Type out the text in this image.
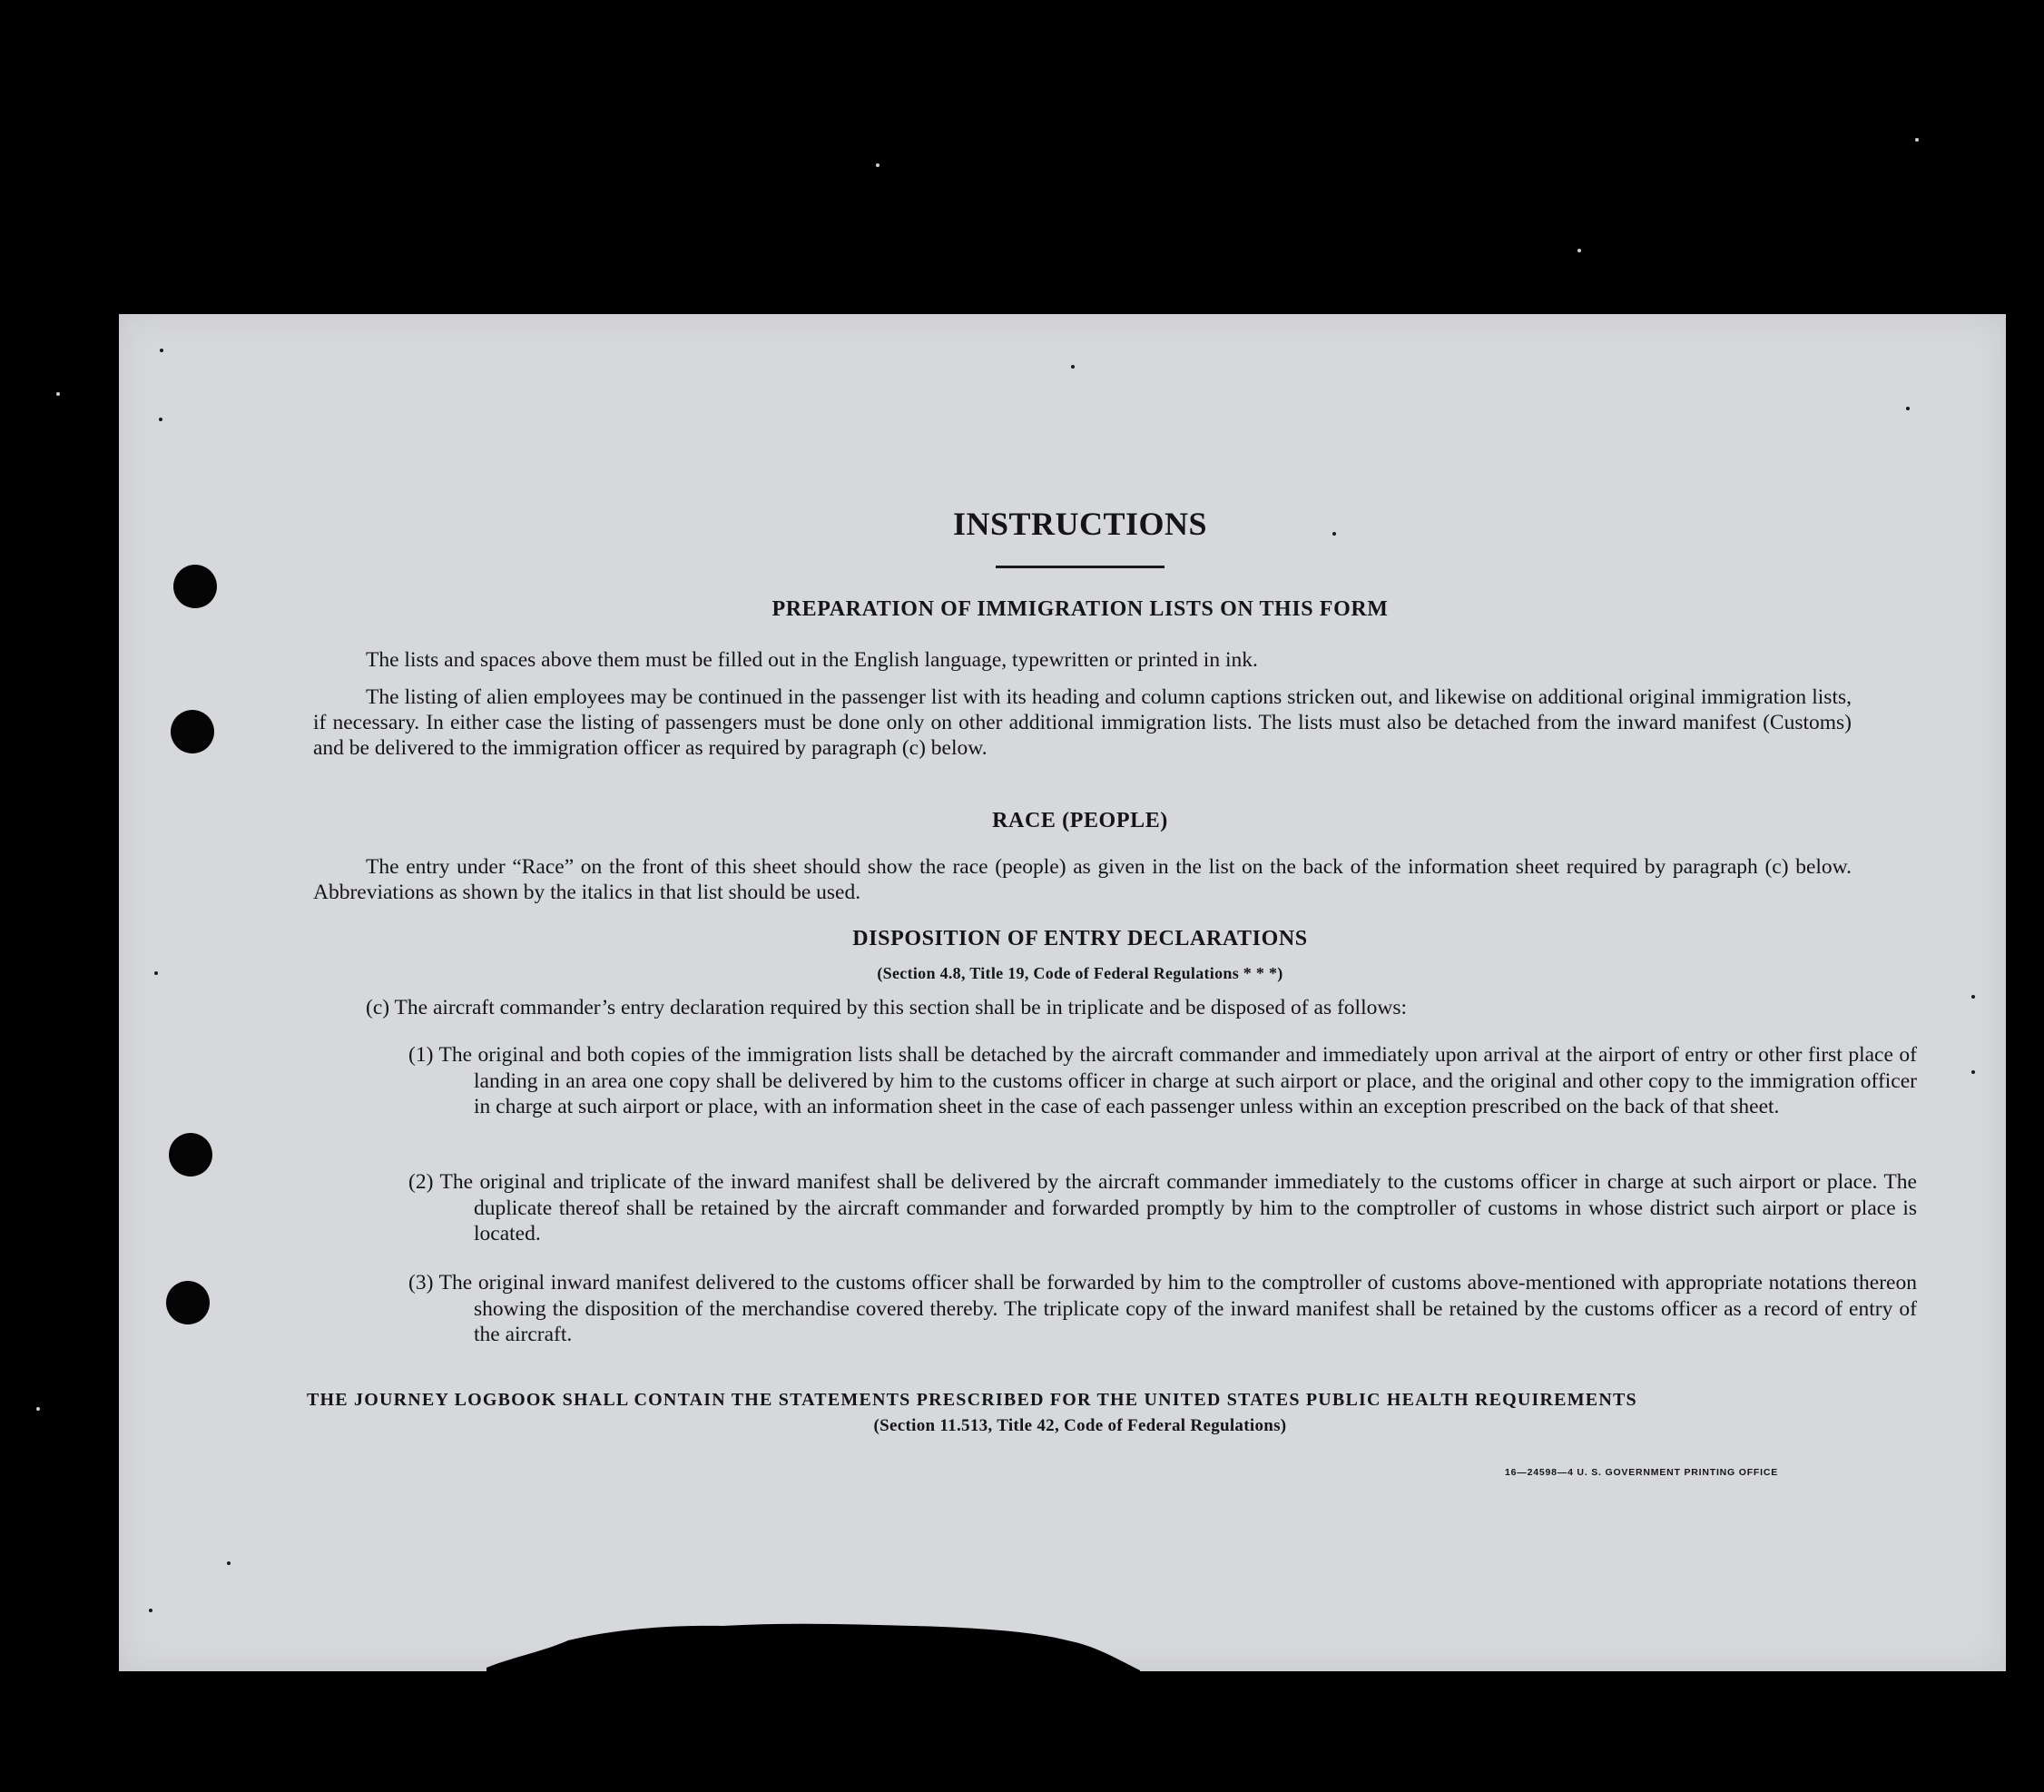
INSTRUCTIONS
PREPARATION OF IMMIGRATION LISTS ON THIS FORM
The lists and spaces above them must be filled out in the English language, typewritten or printed in ink.
The listing of alien employees may be continued in the passenger list with its heading and column captions stricken out, and likewise on additional original immigration lists, if necessary. In either case the listing of passengers must be done only on other additional immigration lists. The lists must also be detached from the inward manifest (Customs) and be delivered to the immigration officer as required by paragraph (c) below.
RACE (PEOPLE)
The entry under “Race” on the front of this sheet should show the race (people) as given in the list on the back of the information sheet required by paragraph (c) below. Abbreviations as shown by the italics in that list should be used.
DISPOSITION OF ENTRY DECLARATIONS
(Section 4.8, Title 19, Code of Federal Regulations * * *)
(c) The aircraft commander’s entry declaration required by this section shall be in triplicate and be disposed of as follows:
(1) The original and both copies of the immigration lists shall be detached by the aircraft commander and immediately upon arrival at the airport of entry or other first place of landing in an area one copy shall be delivered by him to the customs officer in charge at such airport or place, and the original and other copy to the immigration officer in charge at such airport or place, with an information sheet in the case of each passenger unless within an exception prescribed on the back of that sheet.
(2) The original and triplicate of the inward manifest shall be delivered by the aircraft commander immediately to the customs officer in charge at such airport or place. The duplicate thereof shall be retained by the aircraft commander and forwarded promptly by him to the comptroller of customs in whose district such airport or place is located.
(3) The original inward manifest delivered to the customs officer shall be forwarded by him to the comptroller of customs above-mentioned with appropriate notations thereon showing the disposition of the merchandise covered thereby. The triplicate copy of the inward manifest shall be retained by the customs officer as a record of entry of the aircraft.
THE JOURNEY LOGBOOK SHALL CONTAIN THE STATEMENTS PRESCRIBED FOR THE UNITED STATES PUBLIC HEALTH REQUIREMENTS
(Section 11.513, Title 42, Code of Federal Regulations)
16—24598—4 U. S. GOVERNMENT PRINTING OFFICE
